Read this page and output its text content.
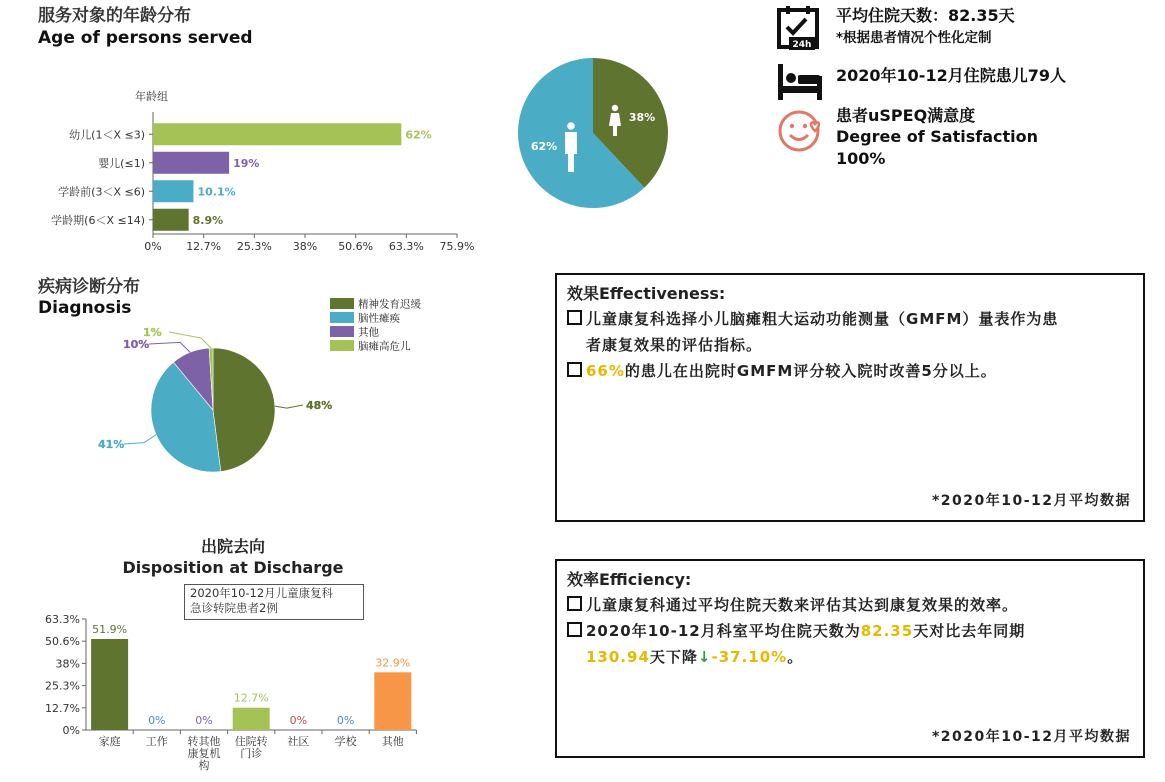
服务对象的年龄分布
Age of persons served
年龄组
0% 12.7% 25.3% 38% 50.6% 63.3% 75.9%
幼儿(1＜X ≤3)	62%
婴儿(≤1)	19%
学龄前(3＜X ≤6)	10.1%
学龄期(6＜X ≤14)	8.9%
38%
62%
24h
平均住院天数：82.35天
*根据患者情况个性化定制
2020年10-12月住院患儿79人
患者uSPEQ满意度
Degree of Satisfaction
100%
疾病诊断分布
Diagnosis
48%
41%
10%
1%
精神发育迟缓
脑性瘫痪
其他
脑瘫高危儿
出院去向
Disposition at Discharge
2020年10-12月儿童康复科
急诊转院患者2例
0%
12.7%
25.3%
38%
50.6%
63.3%
51.9%
家庭
0%
工作
0%
转其他康复机构
12.7%
住院转门诊
0%
社区
0%
学校
32.9%
其他
效果Effectiveness:
儿童康复科选择小儿脑瘫粗大运动功能测量（GMFM）量表作为患
者康复效果的评估指标。
66%的患儿在出院时GMFM评分较入院时改善5分以上。
*2020年10-12月平均数据
效率Efficiency:
儿童康复科通过平均住院天数来评估其达到康复效果的效率。
2020年10-12月科室平均住院天数为82.35天对比去年同期
130.94天下降↓-37.10%。
*2020年10-12月平均数据
